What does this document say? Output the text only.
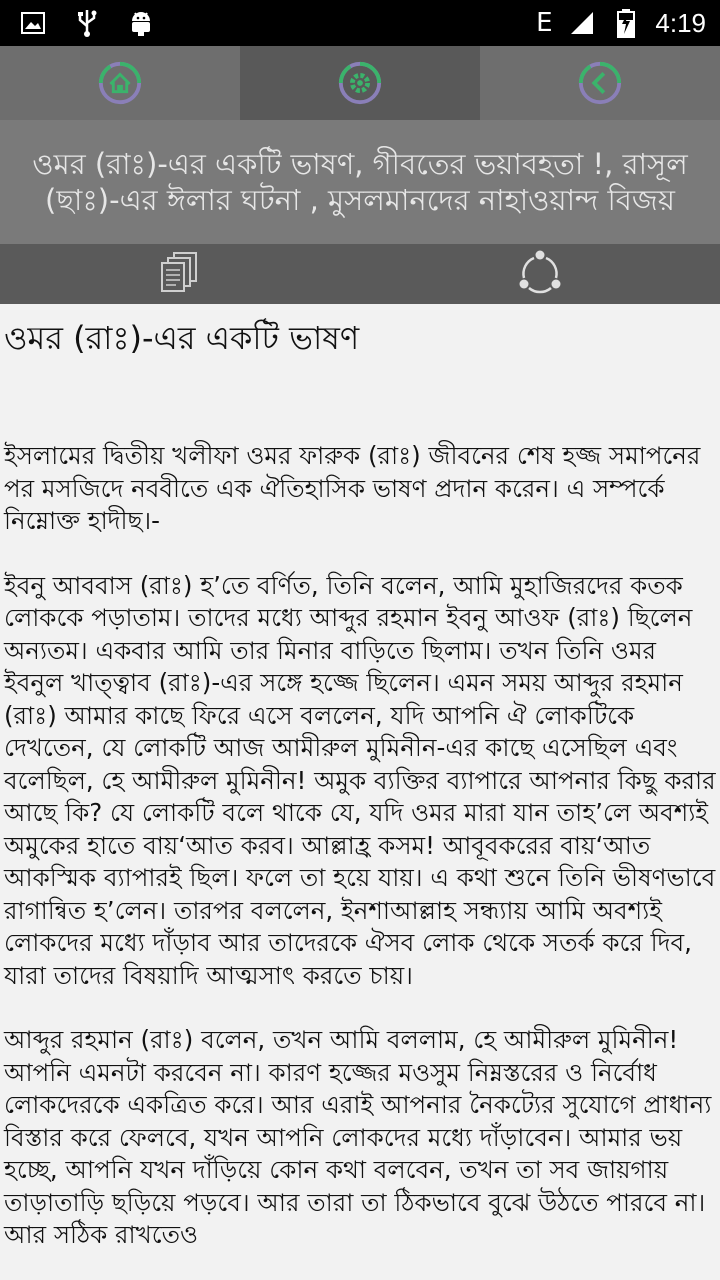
E	4:19
ওমর (রাঃ)-এর একটি ভাষণ, গীবতের ভয়াবহতা !, রাসূল (ছাঃ)-এর ঈলার ঘটনা , মুসলমানদের নাহাওয়ান্দ বিজয়
ওমর (রাঃ)-এর একটি ভাষণ

ইসলামের দ্বিতীয় খলীফা ওমর ফারুক (রাঃ) জীবনের শেষ হজ্জ সমাপনের পর মসজিদে নববীতে এক ঐতিহাসিক ভাষণ প্রদান করেন। এ সম্পর্কে নিম্নোক্ত হাদীছ।-

ইবনু আববাস (রাঃ) হ’তে বর্ণিত, তিনি বলেন, আমি মুহাজিরদের কতক লোককে পড়াতাম। তাদের মধ্যে আব্দুর রহমান ইবনু আওফ (রাঃ) ছিলেন অন্যতম। একবার আমি তার মিনার বাড়িতে ছিলাম। তখন তিনি ওমর ইবনুল খাত্ত্বাব (রাঃ)-এর সঙ্গে হজ্জে ছিলেন। এমন সময় আব্দুর রহমান (রাঃ) আমার কাছে ফিরে এসে বললেন, যদি আপনি ঐ লোকটিকে দেখতেন, যে লোকটি আজ আমীরুল মুমিনীন-এর কাছে এসেছিল এবং বলেছিল, হে আমীরুল মুমিনীন! অমুক ব্যক্তির ব্যাপারে আপনার কিছু করার আছে কি? যে লোকটি বলে থাকে যে, যদি ওমর মারা যান তাহ’লে অবশ্যই অমুকের হাতে বায়‘আত করব। আল্লাহ্র কসম! আবূবকরের বায়‘আত আকস্মিক ব্যাপারই ছিল। ফলে তা হয়ে যায়। এ কথা শুনে তিনি ভীষণভাবে রাগান্বিত হ’লেন। তারপর বললেন, ইনশাআল্লাহ সন্ধ্যায় আমি অবশ্যই লোকদের মধ্যে দাঁড়াব আর তাদেরকে ঐসব লোক থেকে সতর্ক করে দিব, যারা তাদের বিষয়াদি আত্মসাৎ করতে চায়।

আব্দুর রহমান (রাঃ) বলেন, তখন আমি বললাম, হে আমীরুল মুমিনীন! আপনি এমনটা করবেন না। কারণ হজ্জের মওসুম নিম্নস্তরের ও নির্বোধ লোকদেরকে একত্রিত করে। আর এরাই আপনার নৈকট্যের সুযোগে প্রাধান্য বিস্তার করে ফেলবে, যখন আপনি লোকদের মধ্যে দাঁড়াবেন। আমার ভয় হচ্ছে, আপনি যখন দাঁড়িয়ে কোন কথা বলবেন, তখন তা সব জায়গায় তাড়াতাড়ি ছড়িয়ে পড়বে। আর তারা তা ঠিকভাবে বুঝে উঠতে পারবে না। আর সঠিক রাখতেও
